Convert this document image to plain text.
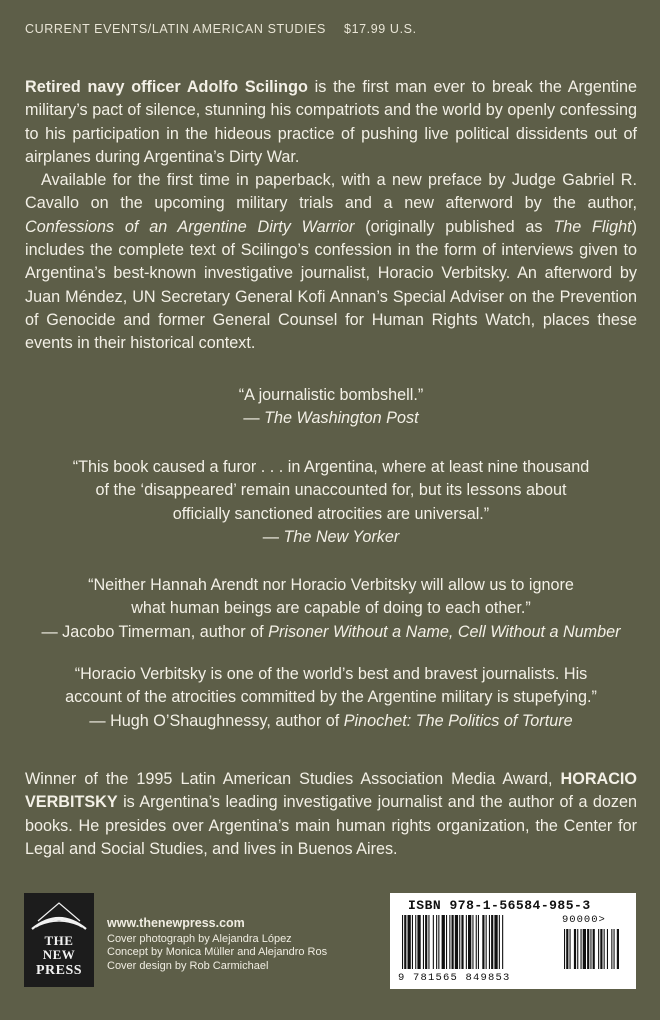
CURRENT EVENTS/LATIN AMERICAN STUDIES $17.99 U.S.

Retired navy officer Adolfo Scilingo is the first man ever to break the Argentine military’s pact of silence, stunning his compatriots and the world by openly confessing to his participation in the hideous practice of pushing live political dissidents out of airplanes during Argentina’s Dirty War.

Available for the first time in paperback, with a new preface by Judge Gabriel R. Cavallo on the upcoming military trials and a new afterword by the author, Confessions of an Argentine Dirty Warrior (originally published as The Flight) includes the complete text of Scilingo’s confession in the form of interviews given to Argentina’s best-known investigative journalist, Horacio Verbitsky. An afterword by Juan Méndez, UN Secretary General Kofi Annan’s Special Adviser on the Prevention of Genocide and former General Counsel for Human Rights Watch, places these events in their historical context.

“A journalistic bombshell.”
— The Washington Post
“This book caused a furor . . . in Argentina, where at least nine thousand
of the ‘disappeared’ remain unaccounted for, but its lessons about
officially sanctioned atrocities are universal.”
— The New Yorker
“Neither Hannah Arendt nor Horacio Verbitsky will allow us to ignore
what human beings are capable of doing to each other.”
— Jacobo Timerman, author of Prisoner Without a Name, Cell Without a Number
“Horacio Verbitsky is one of the world’s best and bravest journalists. His
account of the atrocities committed by the Argentine military is stupefying.”
— Hugh O’Shaughnessy, author of Pinochet: The Politics of Torture
Winner of the 1995 Latin American Studies Association Media Award, HORACIO VERBITSKY is Argentina’s leading investigative journalist and the author of a dozen books. He presides over Argentina’s main human rights organization, the Center for Legal and Social Studies, and lives in Buenos Aires.
THE
NEW
PRESS
www.thenewpress.com
Cover photograph by Alejandra López
Concept by Monica Müller and Alejandro Ros
Cover design by Rob Carmichael
ISBN 978-1-56584-985-3
9 781565 849853
90000>
